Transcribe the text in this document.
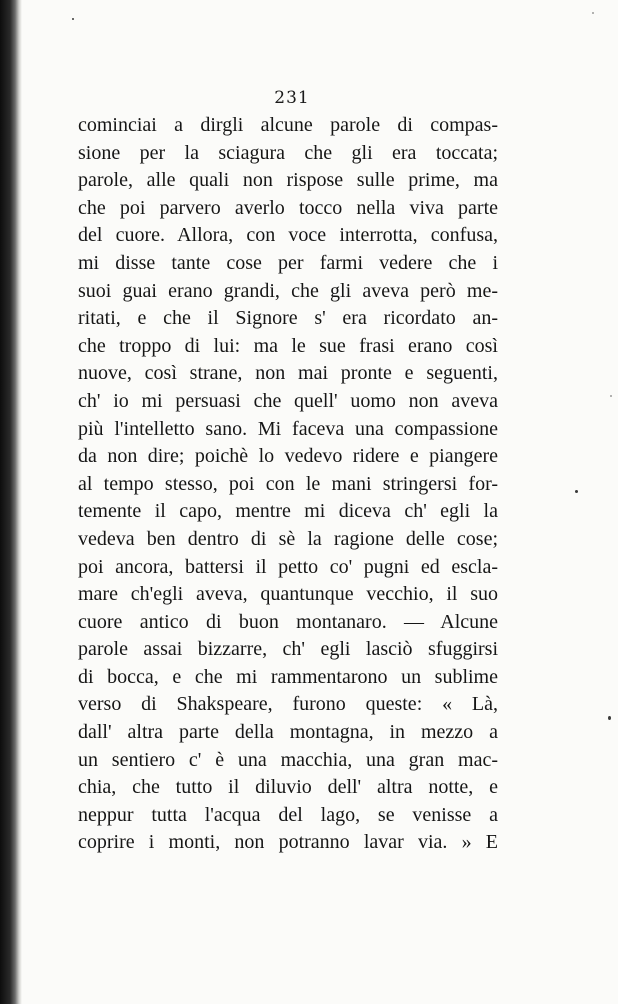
231
cominciai a dirgli alcune parole di compas-
sione per la sciagura che gli era toccata;
parole, alle quali non rispose sulle prime, ma
che poi parvero averlo tocco nella viva parte
del cuore. Allora, con voce interrotta, confusa,
mi disse tante cose per farmi vedere che i
suoi guai erano grandi, che gli aveva però me-
ritati, e che il Signore s' era ricordato an-
che troppo di lui: ma le sue frasi erano così
nuove, così strane, non mai pronte e seguenti,
ch' io mi persuasi che quell' uomo non aveva
più l'intelletto sano. Mi faceva una compassione
da non dire; poichè lo vedevo ridere e piangere
al tempo stesso, poi con le mani stringersi for-
temente il capo, mentre mi diceva ch' egli la
vedeva ben dentro di sè la ragione delle cose;
poi ancora, battersi il petto co' pugni ed escla-
mare ch'egli aveva, quantunque vecchio, il suo
cuore antico di buon montanaro. — Alcune
parole assai bizzarre, ch' egli lasciò sfuggirsi
di bocca, e che mi rammentarono un sublime
verso di Shakspeare, furono queste: « Là,
dall' altra parte della montagna, in mezzo a
un sentiero c' è una macchia, una gran mac-
chia, che tutto il diluvio dell' altra notte, e
neppur tutta l'acqua del lago, se venisse a
coprire i monti, non potranno lavar via. » E
